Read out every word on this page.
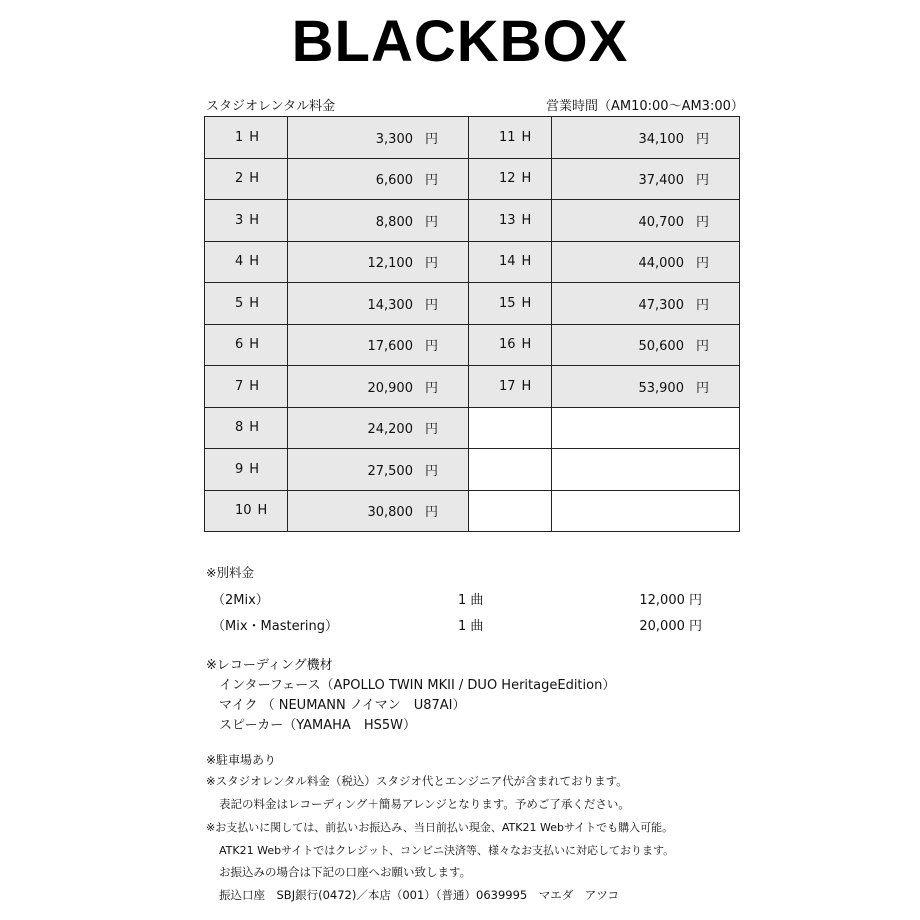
BLACKBOX
スタジオレンタル料金	営業時間（AM10:00～AM3:00）
1 H	3,300 円	11 H	34,100 円
2 H	6,600 円	12 H	37,400 円
3 H	8,800 円	13 H	40,700 円
4 H	12,100 円	14 H	44,000 円
5 H	14,300 円	15 H	47,300 円
6 H	17,600 円	16 H	50,600 円
7 H	20,900 円	17 H	53,900 円
8 H	24,200 円		
9 H	27,500 円		
10 H	30,800 円		
※別料金
（2Mix）	1 曲	12,000 円
（Mix・Mastering）	1 曲	20,000 円
※レコーディング機材
インターフェース（APOLLO TWIN MKII / DUO HeritageEdition）
マイク （ NEUMANN ノイマン　U87AI）
スピーカー（YAMAHA　HS5W）
※駐車場あり
※スタジオレンタル料金（税込）スタジオ代とエンジニア代が含まれております。
表記の料金はレコーディング＋簡易アレンジとなります。予めご了承ください。
※お支払いに関しては、前払いお振込み、当日前払い現金、ATK21 Webサイトでも購入可能。
ATK21 Webサイトではクレジット、コンビニ決済等、様々なお支払いに対応しております。
お振込みの場合は下記の口座へお願い致します。
振込口座　SBJ銀行(0472)／本店（001）（普通）0639995　マエダ　アツコ
